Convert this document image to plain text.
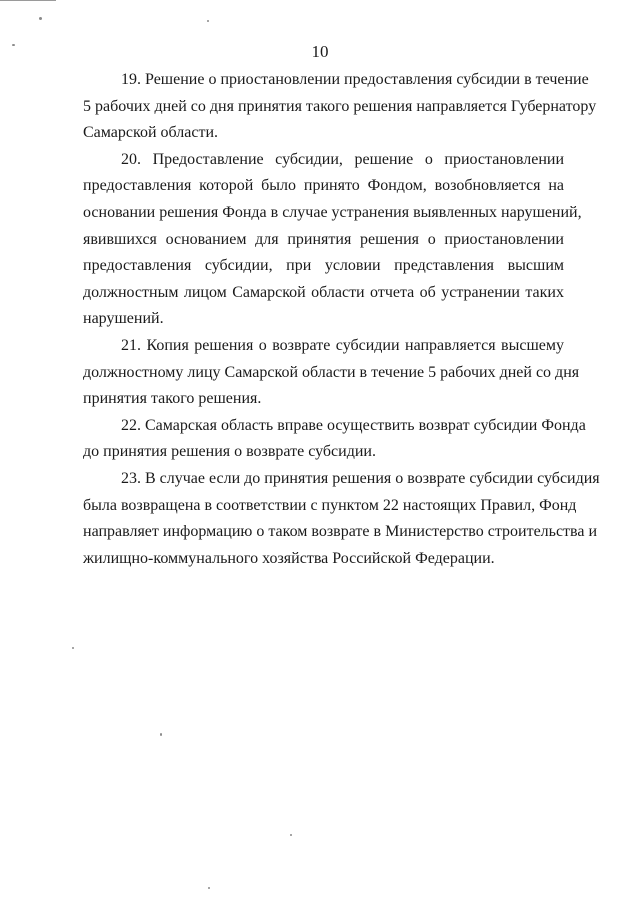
10
19. Решение о приостановлении предоставления субсидии в течение
5 рабочих дней со дня принятия такого решения направляется Губернатору
Самарской области.
20. Предоставление субсидии, решение о приостановлении
предоставления которой было принято Фондом, возобновляется на
основании решения Фонда в случае устранения выявленных нарушений,
явившихся основанием для принятия решения о приостановлении
предоставления субсидии, при условии представления высшим
должностным лицом Самарской области отчета об устранении таких
нарушений.
21. Копия решения о возврате субсидии направляется высшему
должностному лицу Самарской области в течение 5 рабочих дней со дня
принятия такого решения.
22. Самарская область вправе осуществить возврат субсидии Фонда
до принятия решения о возврате субсидии.
23. В случае если до принятия решения о возврате субсидии субсидия
была возвращена в соответствии с пунктом 22 настоящих Правил, Фонд
направляет информацию о таком возврате в Министерство строительства и
жилищно-коммунального хозяйства Российской Федерации.
